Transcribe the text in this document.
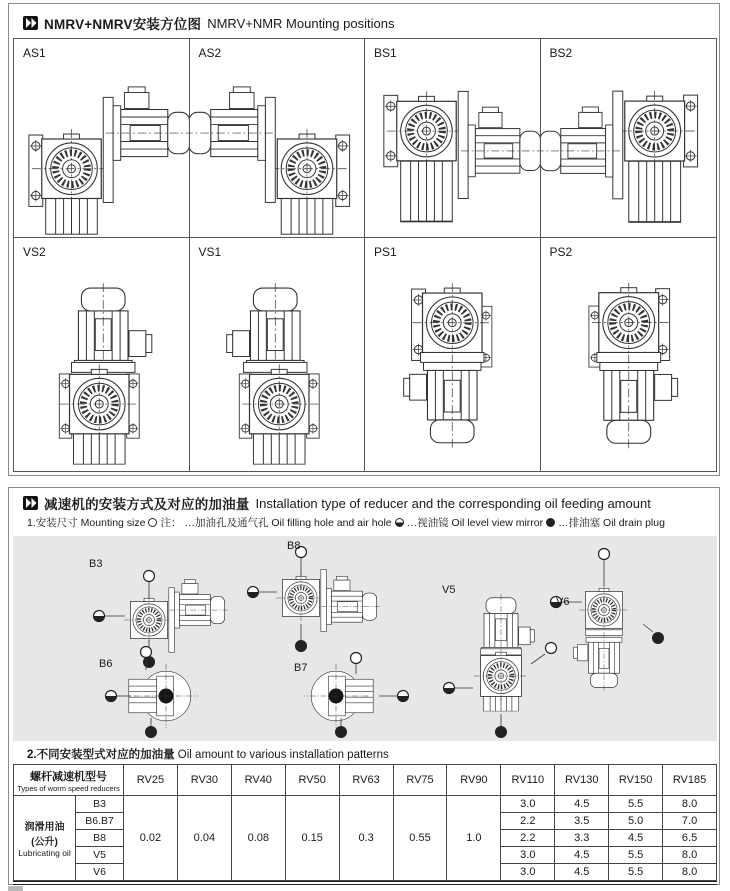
NMRV+NMRV安装方位图 NMRV+NMR Mounting positions
AS1	AS2	BS1	BS2
VS2	VS1	PS1	PS2
减速机的安装方式及对应的加油量 Installation type of reducer and the corresponding oil feeding amount
1.安装尺寸 Mounting size 注： …加油孔及通气孔 Oil filling hole and air hole …视油镜 Oil level view mirror …排油塞 Oil drain plug
B3
B8
V5
V6
B6	B7
2.不同安装型式对应的加油量 Oil amount to various installation patterns
螺杆减速机型号
Types of worm speed reducers		RV25	RV30	RV40	RV50	RV63	RV75	RV90	RV110	RV130	RV150	RV185

润滑用油
(公升)
Lubricating oil	B3	0.02	0.04	0.08	0.15	0.3	0.55	1.0	3.0	4.5	5.5	8.0
	B6.B7								2.2	3.5	5.0	7.0
	B8								2.2	3.3	4.5	6.5
	V5								3.0	4.5	5.5	8.0
	V6								3.0	4.5	5.5	8.0
